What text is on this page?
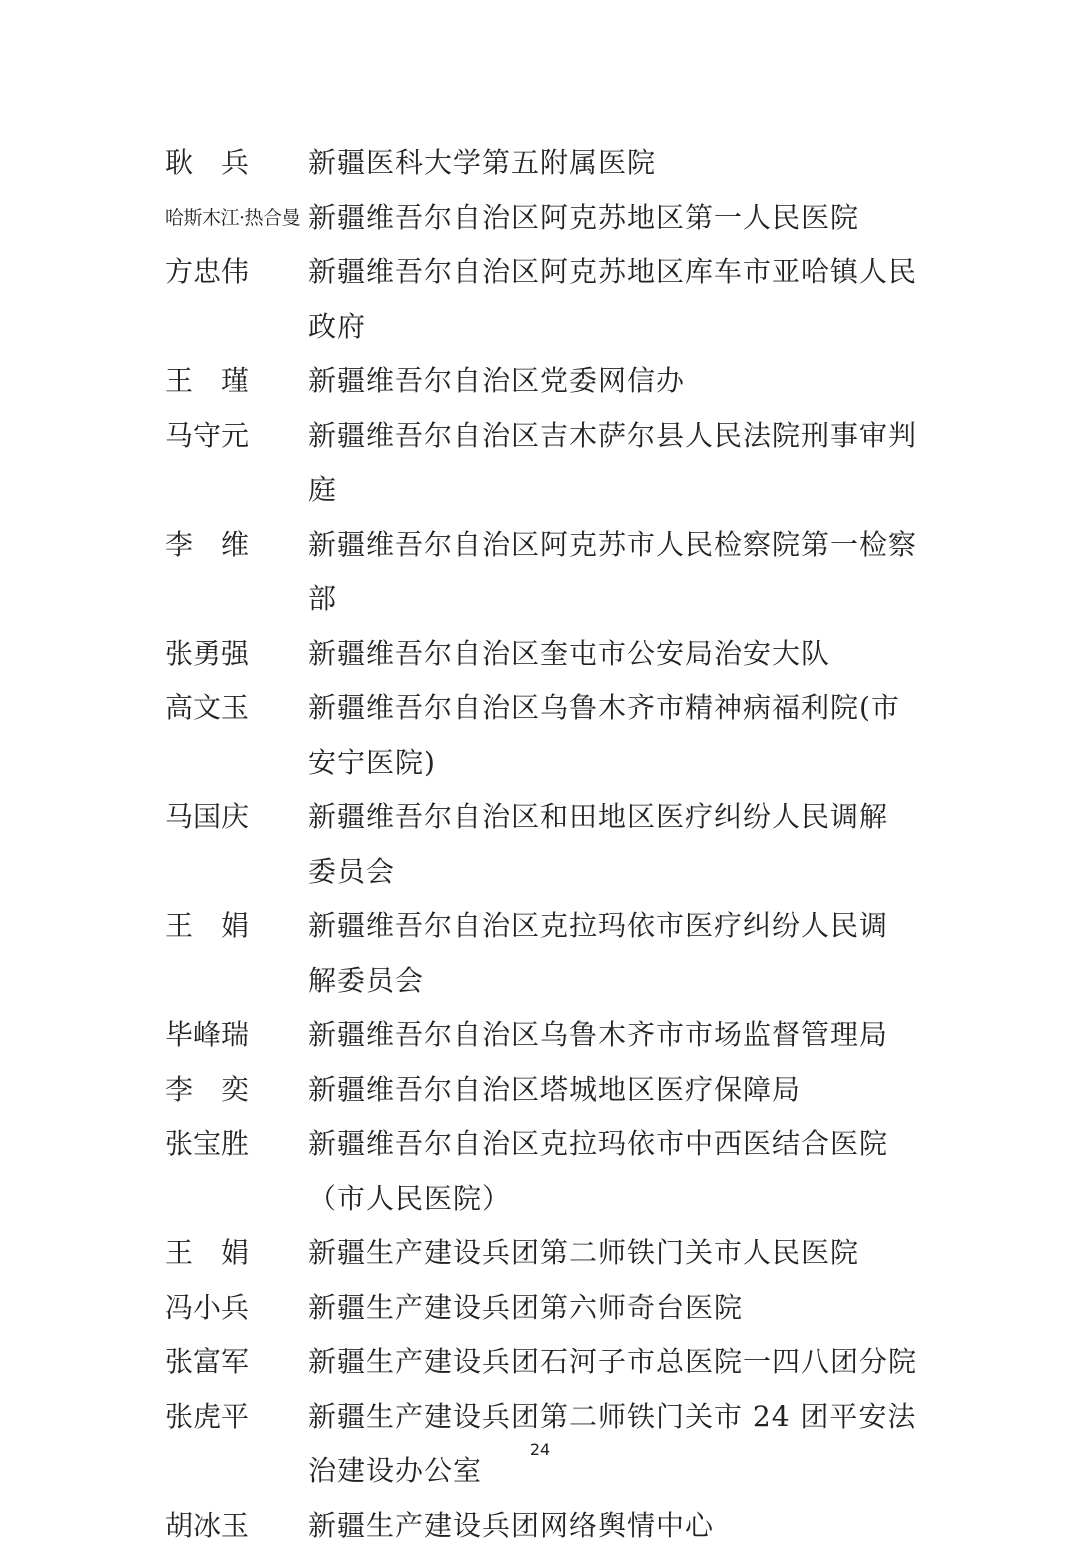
耿　兵	新疆医科大学第五附属医院
哈斯木江·热合曼 新疆维吾尔自治区阿克苏地区第一人民医院
方忠伟	新疆维吾尔自治区阿克苏地区库车市亚哈镇人民政府
王　瑾	新疆维吾尔自治区党委网信办
马守元	新疆维吾尔自治区吉木萨尔县人民法院刑事审判庭
李　维	新疆维吾尔自治区阿克苏市人民检察院第一检察部
张勇强	新疆维吾尔自治区奎屯市公安局治安大队
高文玉	新疆维吾尔自治区乌鲁木齐市精神病福利院(市
安宁医院)
马国庆	新疆维吾尔自治区和田地区医疗纠纷人民调解
委员会
王　娟	新疆维吾尔自治区克拉玛依市医疗纠纷人民调
解委员会
毕峰瑞	新疆维吾尔自治区乌鲁木齐市市场监督管理局
李　奕	新疆维吾尔自治区塔城地区医疗保障局
张宝胜	新疆维吾尔自治区克拉玛依市中西医结合医院
（市人民医院）
王　娟	新疆生产建设兵团第二师铁门关市人民医院
冯小兵	新疆生产建设兵团第六师奇台医院
张富军	新疆生产建设兵团石河子市总医院一四八团分院
张虎平	新疆生产建设兵团第二师铁门关市 24 团平安法
治建设办公室
胡冰玉	新疆生产建设兵团网络舆情中心
24
